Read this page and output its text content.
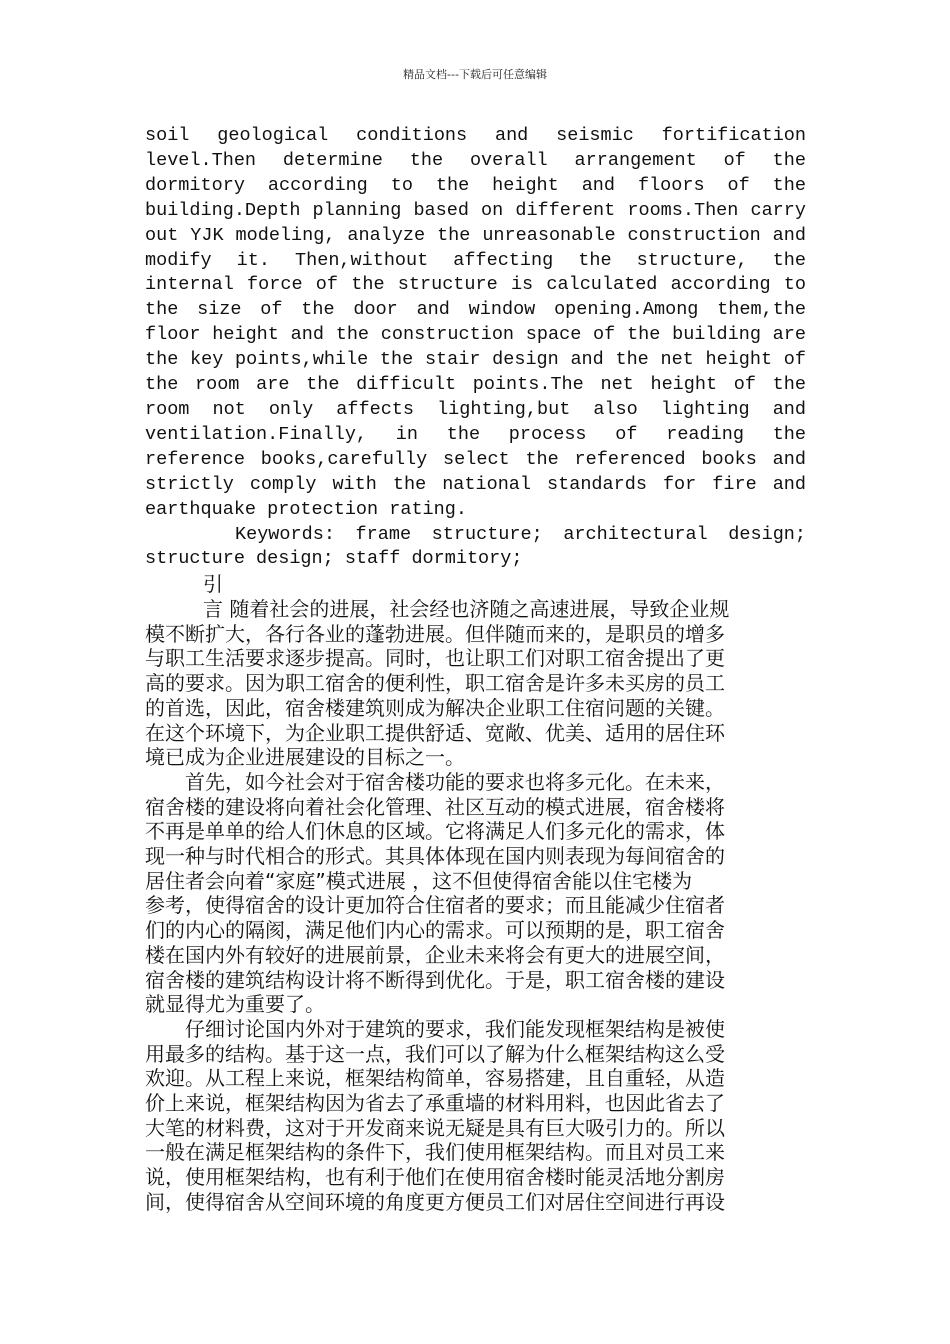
精品文档---下载后可任意编辑
soil geological conditions and seismic fortification
level.Then determine the overall arrangement of the
dormitory according to the height and floors of the
building.Depth planning based on different rooms.Then carry
out YJK modeling, analyze the unreasonable construction and
modify it. Then,without affecting the structure, the
internal force of the structure is calculated according to
the size of the door and window opening.Among them,the
floor height and the construction space of the building are
the key points,while the stair design and the net height of
the room are the difficult points.The net height of the
room not only affects lighting,but also lighting and
ventilation.Finally, in the process of reading the
reference books,carefully select the referenced books and
strictly comply with the national standards for fire and
earthquake protection rating.
Keywords: frame structure; architectural design;
structure design; staff dormitory;
引
言 随着社会的进展，社会经也济随之高速进展，导致企业规
模不断扩大，各行各业的蓬勃进展。但伴随而来的，是职员的增多
与职工生活要求逐步提高。同时，也让职工们对职工宿舍提出了更
高的要求。因为职工宿舍的便利性，职工宿舍是许多未买房的员工
的首选，因此，宿舍楼建筑则成为解决企业职工住宿问题的关键。
在这个环境下，为企业职工提供舒适、宽敞、优美、适用的居住环
境已成为企业进展建设的目标之一。
首先，如今社会对于宿舍楼功能的要求也将多元化。在未来，
宿舍楼的建设将向着社会化管理、社区互动的模式进展，宿舍楼将
不再是单单的给人们休息的区域。它将满足人们多元化的需求，体
现一种与时代相合的形式。其具体体现在国内则表现为每间宿舍的
居住者会向着“家庭”模式进展 ，这不但使得宿舍能以住宅楼为
参考，使得宿舍的设计更加符合住宿者的要求；而且能减少住宿者
们的内心的隔阂，满足他们内心的需求。可以预期的是，职工宿舍
楼在国内外有较好的进展前景，企业未来将会有更大的进展空间，
宿舍楼的建筑结构设计将不断得到优化。于是，职工宿舍楼的建设
就显得尤为重要了。
仔细讨论国内外对于建筑的要求，我们能发现框架结构是被使
用最多的结构。基于这一点，我们可以了解为什么框架结构这么受
欢迎。从工程上来说，框架结构简单，容易搭建，且自重轻，从造
价上来说，框架结构因为省去了承重墙的材料用料，也因此省去了
大笔的材料费，这对于开发商来说无疑是具有巨大吸引力的。所以
一般在满足框架结构的条件下，我们使用框架结构。而且对员工来
说，使用框架结构，也有利于他们在使用宿舍楼时能灵活地分割房
间，使得宿舍从空间环境的角度更方便员工们对居住空间进行再设
